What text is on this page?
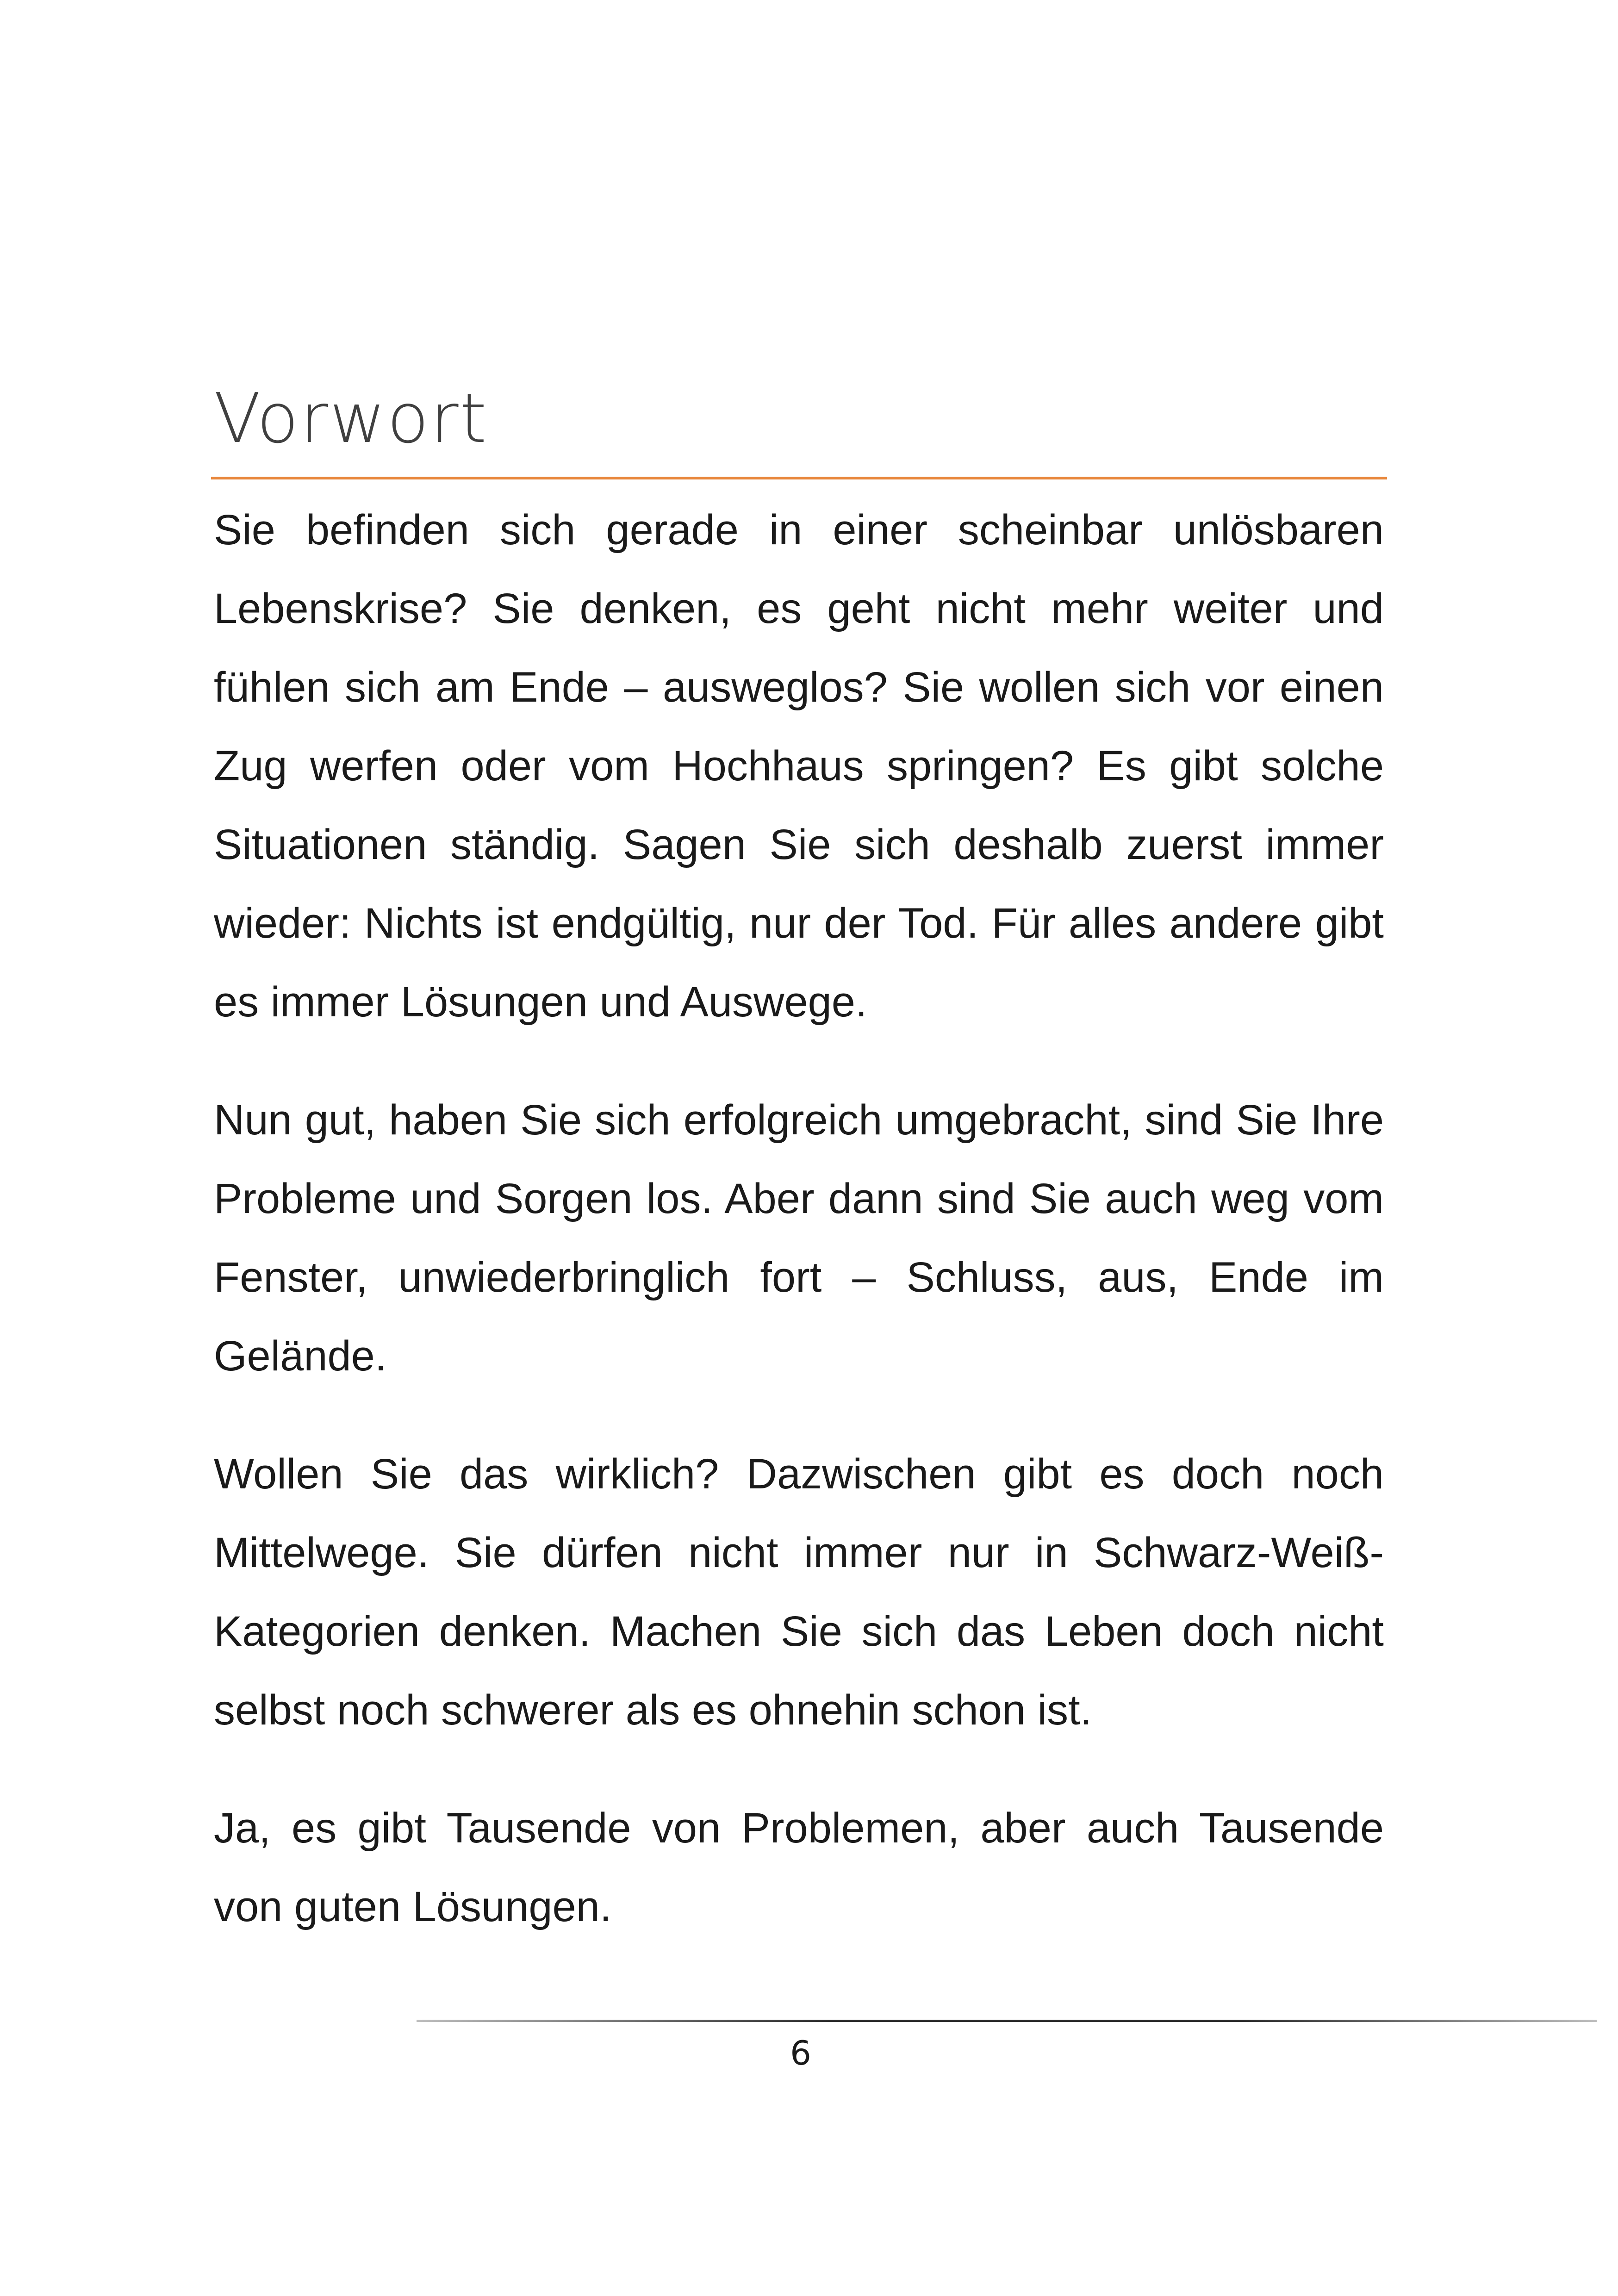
Vorwort

Sie befinden sich gerade in einer scheinbar unlösbaren Lebenskrise? Sie denken, es geht nicht mehr weiter und fühlen sich am Ende – ausweglos? Sie wollen sich vor einen Zug werfen oder vom Hochhaus springen? Es gibt solche Situationen ständig. Sagen Sie sich deshalb zuerst immer wieder: Nichts ist endgültig, nur der Tod. Für alles andere gibt es immer Lösungen und Auswege.

Nun gut, haben Sie sich erfolgreich umgebracht, sind Sie Ihre Probleme und Sorgen los. Aber dann sind Sie auch weg vom Fenster, unwiederbringlich fort – Schluss, aus, Ende im Gelände.

Wollen Sie das wirklich? Dazwischen gibt es doch noch Mittelwege. Sie dürfen nicht immer nur in Schwarz-Weiß-Kategorien denken. Machen Sie sich das Leben doch nicht selbst noch schwerer als es ohnehin schon ist.

Ja, es gibt Tausende von Problemen, aber auch Tausende von guten Lösungen.

6
